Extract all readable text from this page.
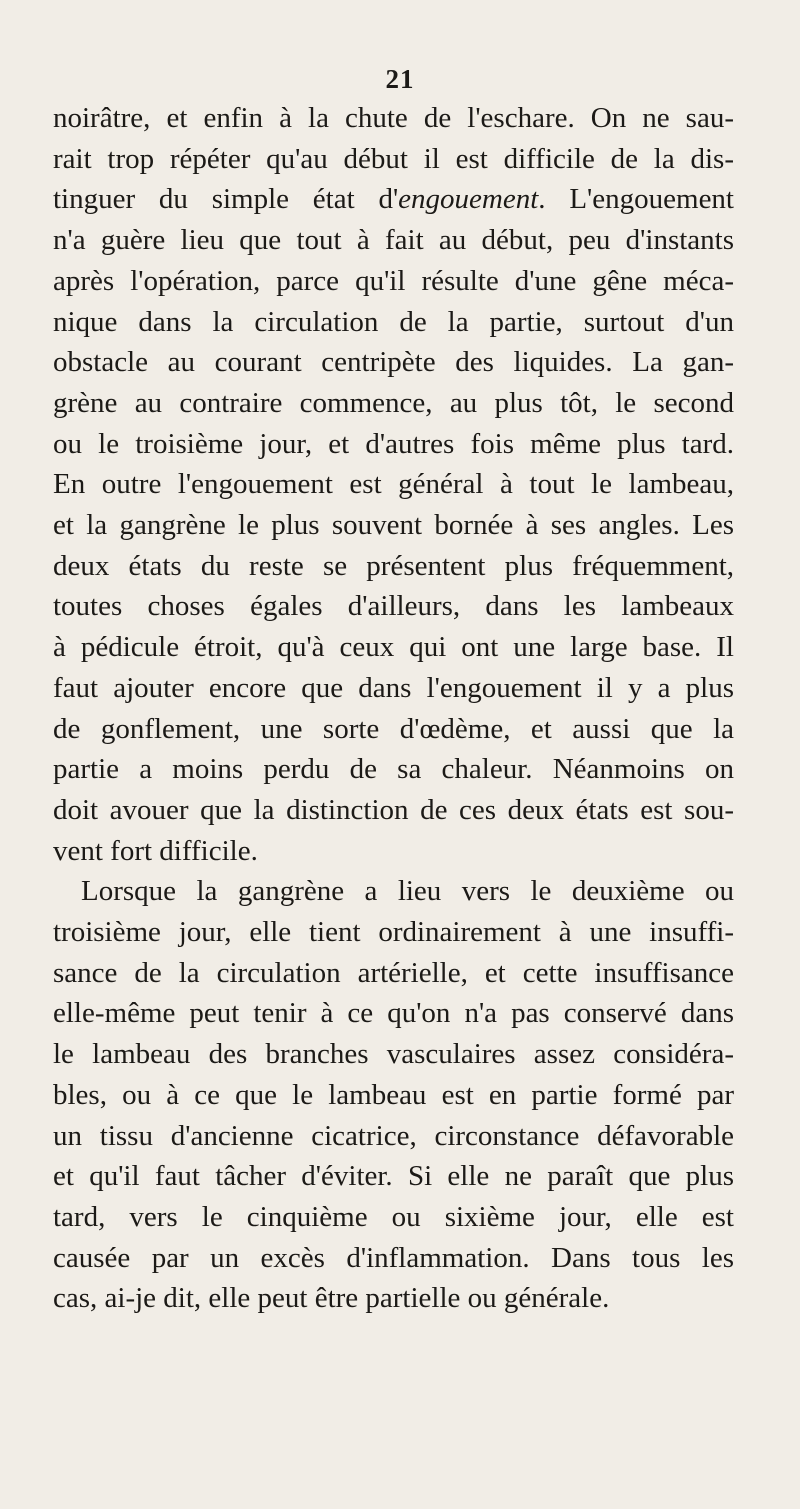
21
noirâtre, et enfin à la chute de l'eschare. On ne sau-
rait trop répéter qu'au début il est difficile de la dis-
tinguer du simple état d'engouement. L'engouement
n'a guère lieu que tout à fait au début, peu d'instants
après l'opération, parce qu'il résulte d'une gêne méca-
nique dans la circulation de la partie, surtout d'un
obstacle au courant centripète des liquides. La gan-
grène au contraire commence, au plus tôt, le second
ou le troisième jour, et d'autres fois même plus tard.
En outre l'engouement est général à tout le lambeau,
et la gangrène le plus souvent bornée à ses angles. Les
deux états du reste se présentent plus fréquemment,
toutes choses égales d'ailleurs, dans les lambeaux
à pédicule étroit, qu'à ceux qui ont une large base. Il
faut ajouter encore que dans l'engouement il y a plus
de gonflement, une sorte d'œdème, et aussi que la
partie a moins perdu de sa chaleur. Néanmoins on
doit avouer que la distinction de ces deux états est sou-
vent fort difficile.
Lorsque la gangrène a lieu vers le deuxième ou
troisième jour, elle tient ordinairement à une insuffi-
sance de la circulation artérielle, et cette insuffisance
elle-même peut tenir à ce qu'on n'a pas conservé dans
le lambeau des branches vasculaires assez considéra-
bles, ou à ce que le lambeau est en partie formé par
un tissu d'ancienne cicatrice, circonstance défavorable
et qu'il faut tâcher d'éviter. Si elle ne paraît que plus
tard, vers le cinquième ou sixième jour, elle est
causée par un excès d'inflammation. Dans tous les
cas, ai-je dit, elle peut être partielle ou générale.
